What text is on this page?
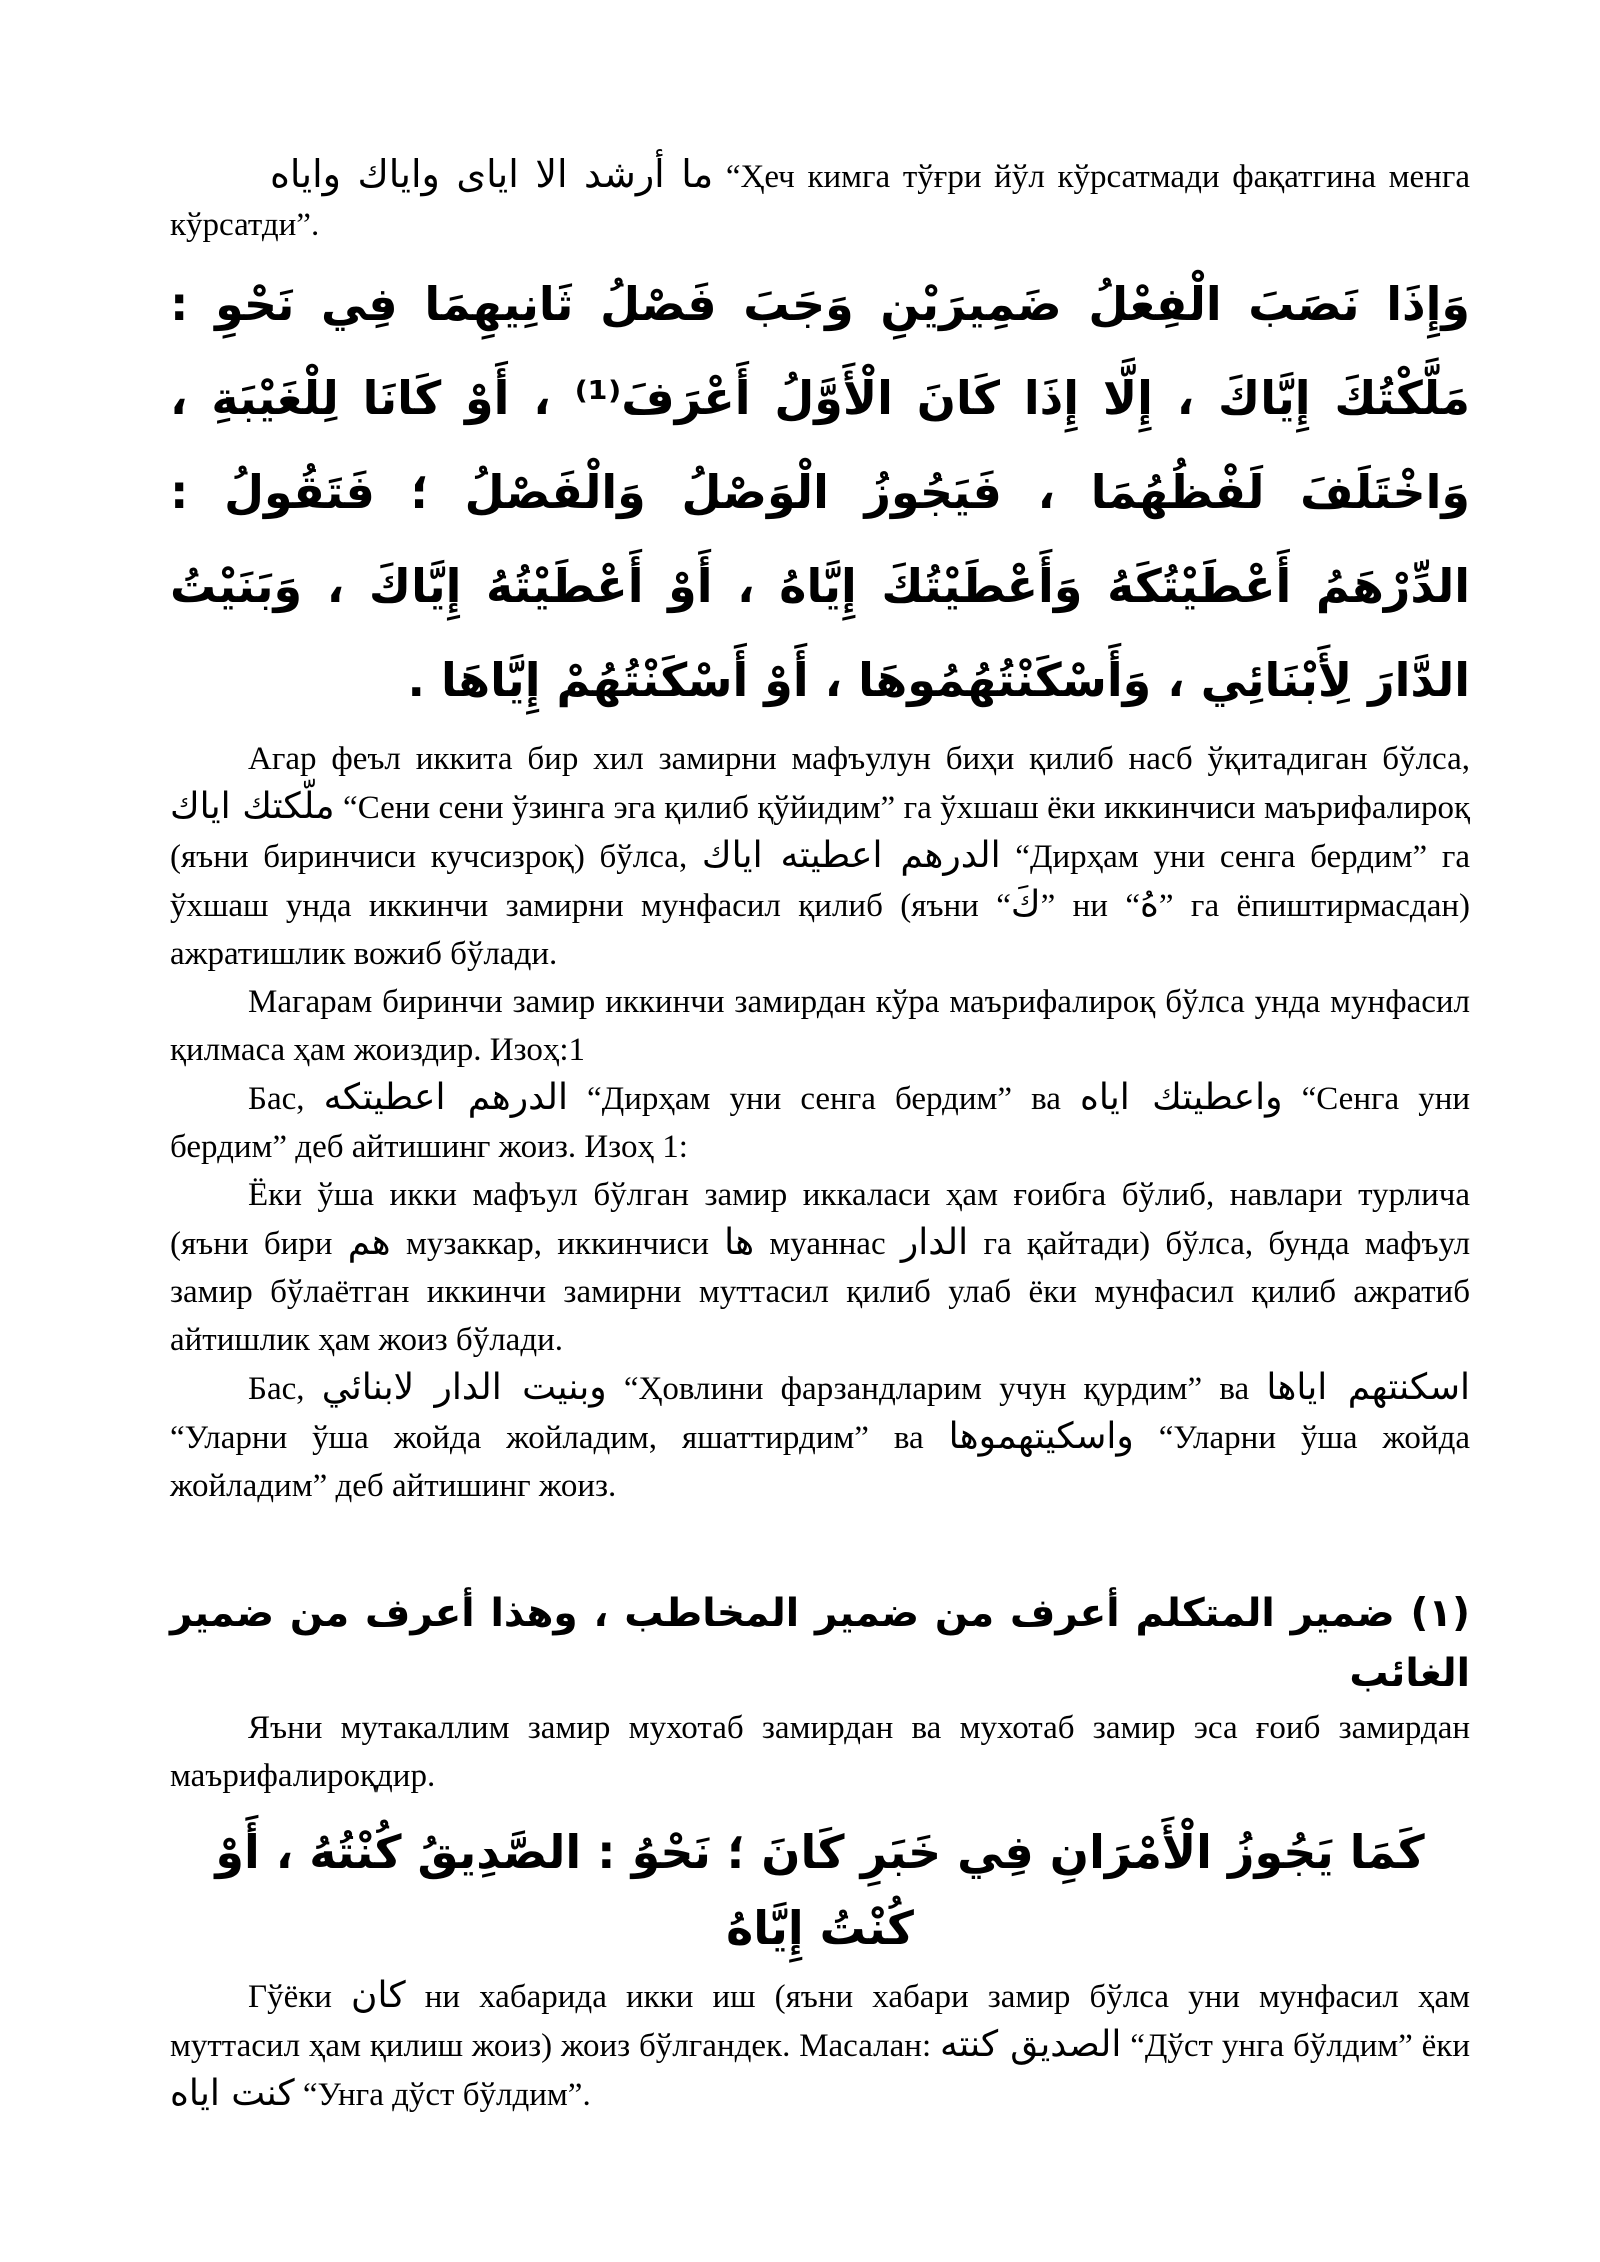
ما أرشد الا ايای واياك واياه “Ҳеч кимга тўғри йўл кўрсатмади фақатгина менга кўрсатди”.

وَإِذَا نَصَبَ الْفِعْلُ ضَمِيرَيْنِ وَجَبَ فَصْلُ ثَانِيهِمَا فِي نَحْوِ : مَلَّكْتُكَ إِيَّاكَ ، إِلَّا إِذَا كَانَ الْأَوَّلُ أَعْرَفَ⁽¹⁾ ، أَوْ كَانَا لِلْغَيْبَةِ ، وَاخْتَلَفَ لَفْظُهُمَا ، فَيَجُوزُ الْوَصْلُ وَالْفَصْلُ ؛ فَتَقُولُ : الدِّرْهَمُ أَعْطَيْتُكَهُ وَأَعْطَيْتُكَ إِيَّاهُ ، أَوْ أَعْطَيْتُهُ إِيَّاكَ ، وَبَنَيْتُ الدَّارَ لِأَبْنَائِي ، وَأَسْكَنْتُهُمُوهَا ، أَوْ أَسْكَنْتُهُمْ إِيَّاهَا .

Агар феъл иккита бир хил замирни мафъулун биҳи қилиб насб ўқитадиган бўлса, ملّكتك اياك “Сени сени ўзинга эга қилиб қўйидим” га ўхшаш ёки иккинчиси маърифалироқ (яъни биринчиси кучсизроқ) бўлса, الدرهم اعطيته اياك “Дирҳам уни сенга бердим” га ўхшаш унда иккинчи замирни мунфасил қилиб (яъни “كَ” ни “هُ” га ёпиштирмасдан) ажратишлик вожиб бўлади.

Магарам биринчи замир иккинчи замирдан кўра маърифалироқ бўлса унда мунфасил қилмаса ҳам жоиздир. Изоҳ:1

Бас, الدرهم اعطيتكه “Дирҳам уни сенга бердим” ва واعطيتك اياه “Сенга уни бердим” деб айтишинг жоиз. Изоҳ 1:

Ёки ўша икки мафъул бўлган замир иккаласи ҳам ғоибга бўлиб, навлари турлича (яъни бири هم музаккар, иккинчиси ها муаннас الدار га қайтади) бўлса, бунда мафъул замир бўлаётган иккинчи замирни муттасил қилиб улаб ёки мунфасил қилиб ажратиб айтишлик ҳам жоиз бўлади.

Бас, وبنيت الدار لابنائي “Ҳовлини фарзандларим учун қурдим” ва اسكنتهم اياها “Уларни ўша жойда жойладим, яшаттирдим” ва واسكيتهموها “Уларни ўша жойда жойладим” деб айтишинг жоиз.

(١) ضمير المتكلم أعرف من ضمير المخاطب ، وهذا أعرف من ضمير الغائب

Яъни мутакаллим замир мухотаб замирдан ва мухотаб замир эса ғоиб замирдан маърифалироқдир.

كَمَا يَجُوزُ الْأَمْرَانِ فِي خَبَرِ كَانَ ؛ نَحْوُ : الصَّدِيقُ كُنْتُهُ ، أَوْ كُنْتُ إِيَّاهُ

Гўёки كان ни хабарида икки иш (яъни хабари замир бўлса уни мунфасил ҳам муттасил ҳам қилиш жоиз) жоиз бўлгандек. Масалан: الصديق كنته “Дўст унга бўлдим” ёки كنت اياه “Унга дўст бўлдим”.
